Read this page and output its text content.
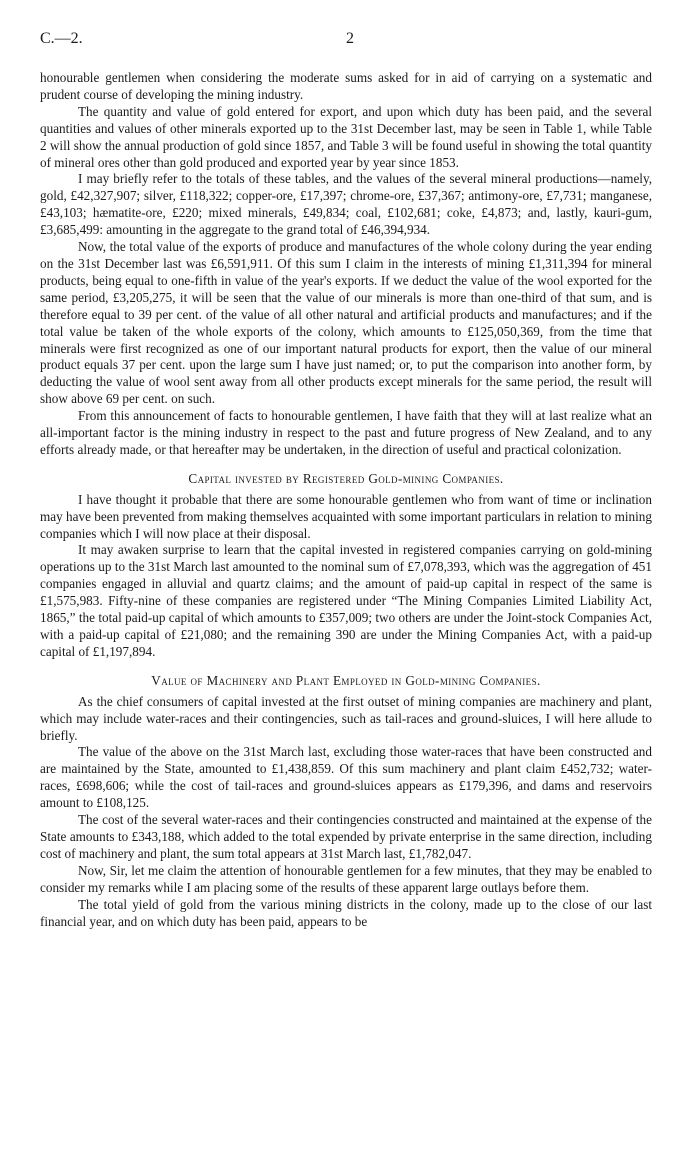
2
C.—2.

honourable gentlemen when considering the moderate sums asked for in aid of carrying on a systematic and prudent course of developing the mining industry.

The quantity and value of gold entered for export, and upon which duty has been paid, and the several quantities and values of other minerals exported up to the 31st December last, may be seen in Table 1, while Table 2 will show the annual production of gold since 1857, and Table 3 will be found useful in showing the total quantity of mineral ores other than gold produced and exported year by year since 1853.

I may briefly refer to the totals of these tables, and the values of the several mineral productions—namely, gold, £42,327,907; silver, £118,322; copper-ore, £17,397; chrome-ore, £37,367; antimony-ore, £7,731; manganese, £43,103; hæmatite-ore, £220; mixed minerals, £49,834; coal, £102,681; coke, £4,873; and, lastly, kauri-gum, £3,685,499: amounting in the aggregate to the grand total of £46,394,934.

Now, the total value of the exports of produce and manufactures of the whole colony during the year ending on the 31st December last was £6,591,911. Of this sum I claim in the interests of mining £1,311,394 for mineral products, being equal to one-fifth in value of the year's exports. If we deduct the value of the wool exported for the same period, £3,205,275, it will be seen that the value of our minerals is more than one-third of that sum, and is therefore equal to 39 per cent. of the value of all other natural and artificial products and manufactures; and if the total value be taken of the whole exports of the colony, which amounts to £125,050,369, from the time that minerals were first recognized as one of our important natural products for export, then the value of our mineral product equals 37 per cent. upon the large sum I have just named; or, to put the comparison into another form, by deducting the value of wool sent away from all other products except minerals for the same period, the result will show above 69 per cent. on such.

From this announcement of facts to honourable gentlemen, I have faith that they will at last realize what an all-important factor is the mining industry in respect to the past and future progress of New Zealand, and to any efforts already made, or that hereafter may be undertaken, in the direction of useful and practical colonization.

Capital invested by Registered Gold-mining Companies.

I have thought it probable that there are some honourable gentlemen who from want of time or inclination may have been prevented from making themselves acquainted with some important particulars in relation to mining companies which I will now place at their disposal.

It may awaken surprise to learn that the capital invested in registered companies carrying on gold-mining operations up to the 31st March last amounted to the nominal sum of £7,078,393, which was the aggregation of 451 companies engaged in alluvial and quartz claims; and the amount of paid-up capital in respect of the same is £1,575,983. Fifty-nine of these companies are registered under “The Mining Companies Limited Liability Act, 1865,” the total paid-up capital of which amounts to £357,009; two others are under the Joint-stock Companies Act, with a paid-up capital of £21,080; and the remaining 390 are under the Mining Companies Act, with a paid-up capital of £1,197,894.

Value of Machinery and Plant Employed in Gold-mining Companies.

As the chief consumers of capital invested at the first outset of mining companies are machinery and plant, which may include water-races and their contingencies, such as tail-races and ground-sluices, I will here allude to briefly.

The value of the above on the 31st March last, excluding those water-races that have been constructed and are maintained by the State, amounted to £1,438,859. Of this sum machinery and plant claim £452,732; water-races, £698,606; while the cost of tail-races and ground-sluices appears as £179,396, and dams and reservoirs amount to £108,125.

The cost of the several water-races and their contingencies constructed and maintained at the expense of the State amounts to £343,188, which added to the total expended by private enterprise in the same direction, including cost of machinery and plant, the sum total appears at 31st March last, £1,782,047.

Now, Sir, let me claim the attention of honourable gentlemen for a few minutes, that they may be enabled to consider my remarks while I am placing some of the results of these apparent large outlays before them.

The total yield of gold from the various mining districts in the colony, made up to the close of our last financial year, and on which duty has been paid, appears to be
